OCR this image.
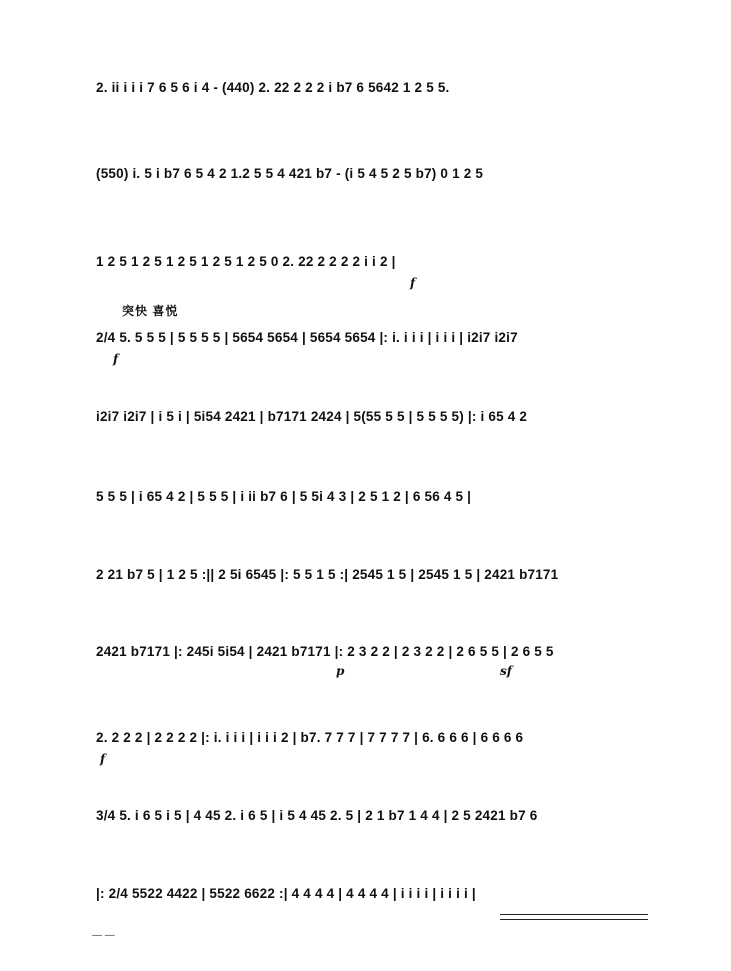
2. ii i i i 7 6 5 6 i 4 - (440) 2. 22 2 2 2 i b7 6 5642 1 2 5 5.
(550) i. 5 i b7 6 5 4 2 1.2 5 5 4 421 b7 - (i 5 4 5 2 5 b7) 0 1 2 5
1 2 5 1 2 5 1 2 5 1 2 5 1 2 5 0 2. 22 2 2 2 2 i i 2 |
f
突快 喜悦
2/4 5. 5 5 5 | 5 5 5 5 | 5654 5654 | 5654 5654 |: i. i i i | i i i | i2i7 i2i7
f
i2i7 i2i7 | i 5 i | 5i54 2421 | b7171 2424 | 5(55 5 5 | 5 5 5 5) |: i 65 4 2
5 5 5 | i 65 4 2 | 5 5 5 | i ii b7 6 | 5 5i 4 3 | 2 5 1 2 | 6 56 4 5 |
2 21 b7 5 | 1 2 5 :|| 2 5i 6545 |: 5 5 1 5 :| 2545 1 5 | 2545 1 5 | 2421 b7171
2421 b7171 |: 245i 5i54 | 2421 b7171 |: 2 3 2 2 | 2 3 2 2 | 2 6 5 5 | 2 6 5 5
p	sf
2. 2 2 2 | 2 2 2 2 |: i. i i i | i i i 2 | b7. 7 7 7 | 7 7 7 7 | 6. 6 6 6 | 6 6 6 6
f
3/4 5. i 6 5 i 5 | 4 45 2. i 6 5 | i 5 4 45 2. 5 | 2 1 b7 1 4 4 | 2 5 2421 b7 6
|: 2/4 5522 4422 | 5522 6622 :| 4 4 4 4 | 4 4 4 4 | i i i i | i i i i |
— —
